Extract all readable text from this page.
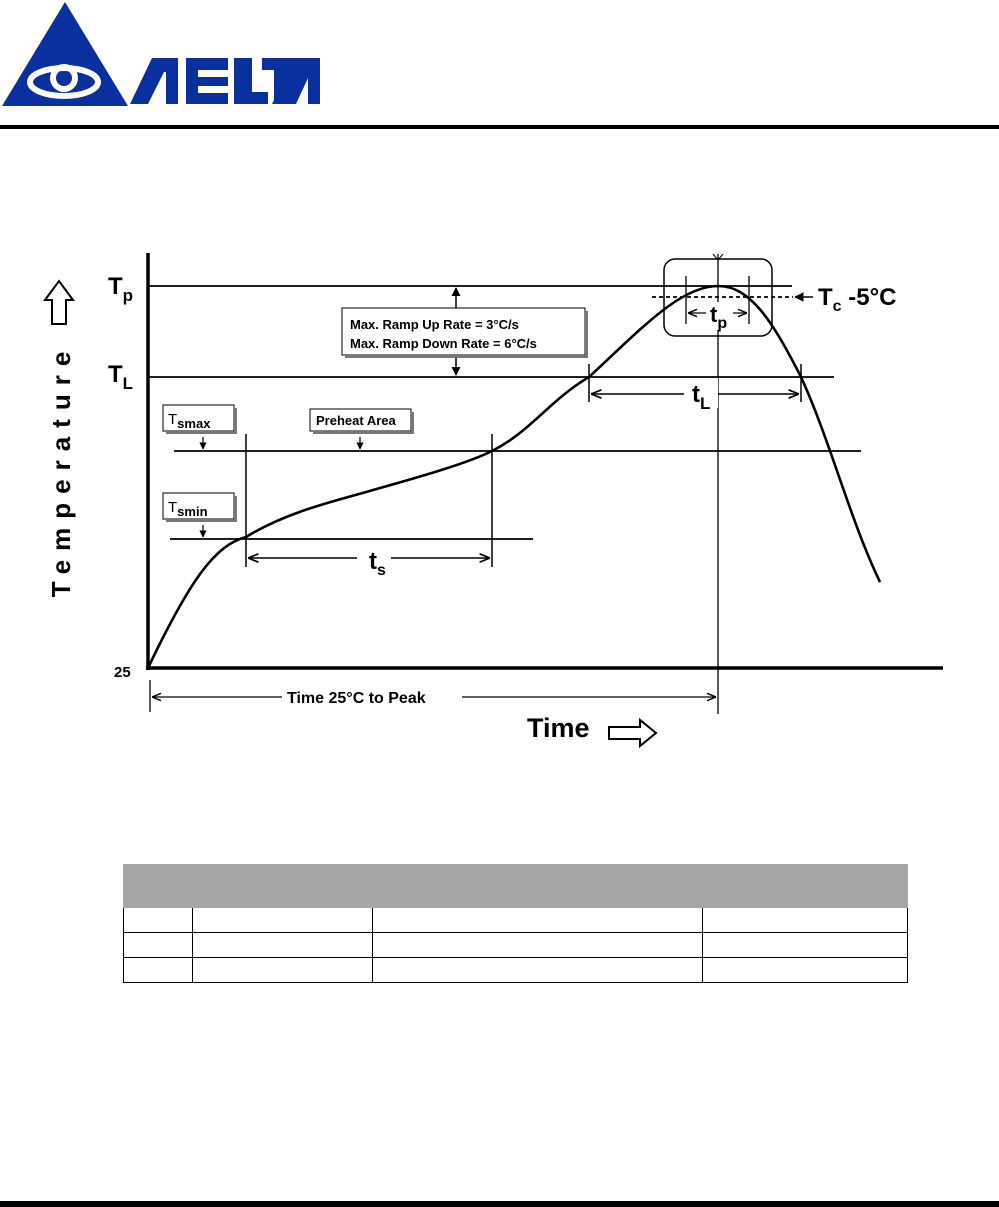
Temperature
$T_p$
$T_L$
25
$T_c$ -5°C
Max. Ramp Up Rate = 3°C/s
Max. Ramp Down Rate = 6°C/s
Tsmax	Preheat Area
Tsmin
$t_s$
$t_L$
$t_p$
Time 25°C to Peak
Time
